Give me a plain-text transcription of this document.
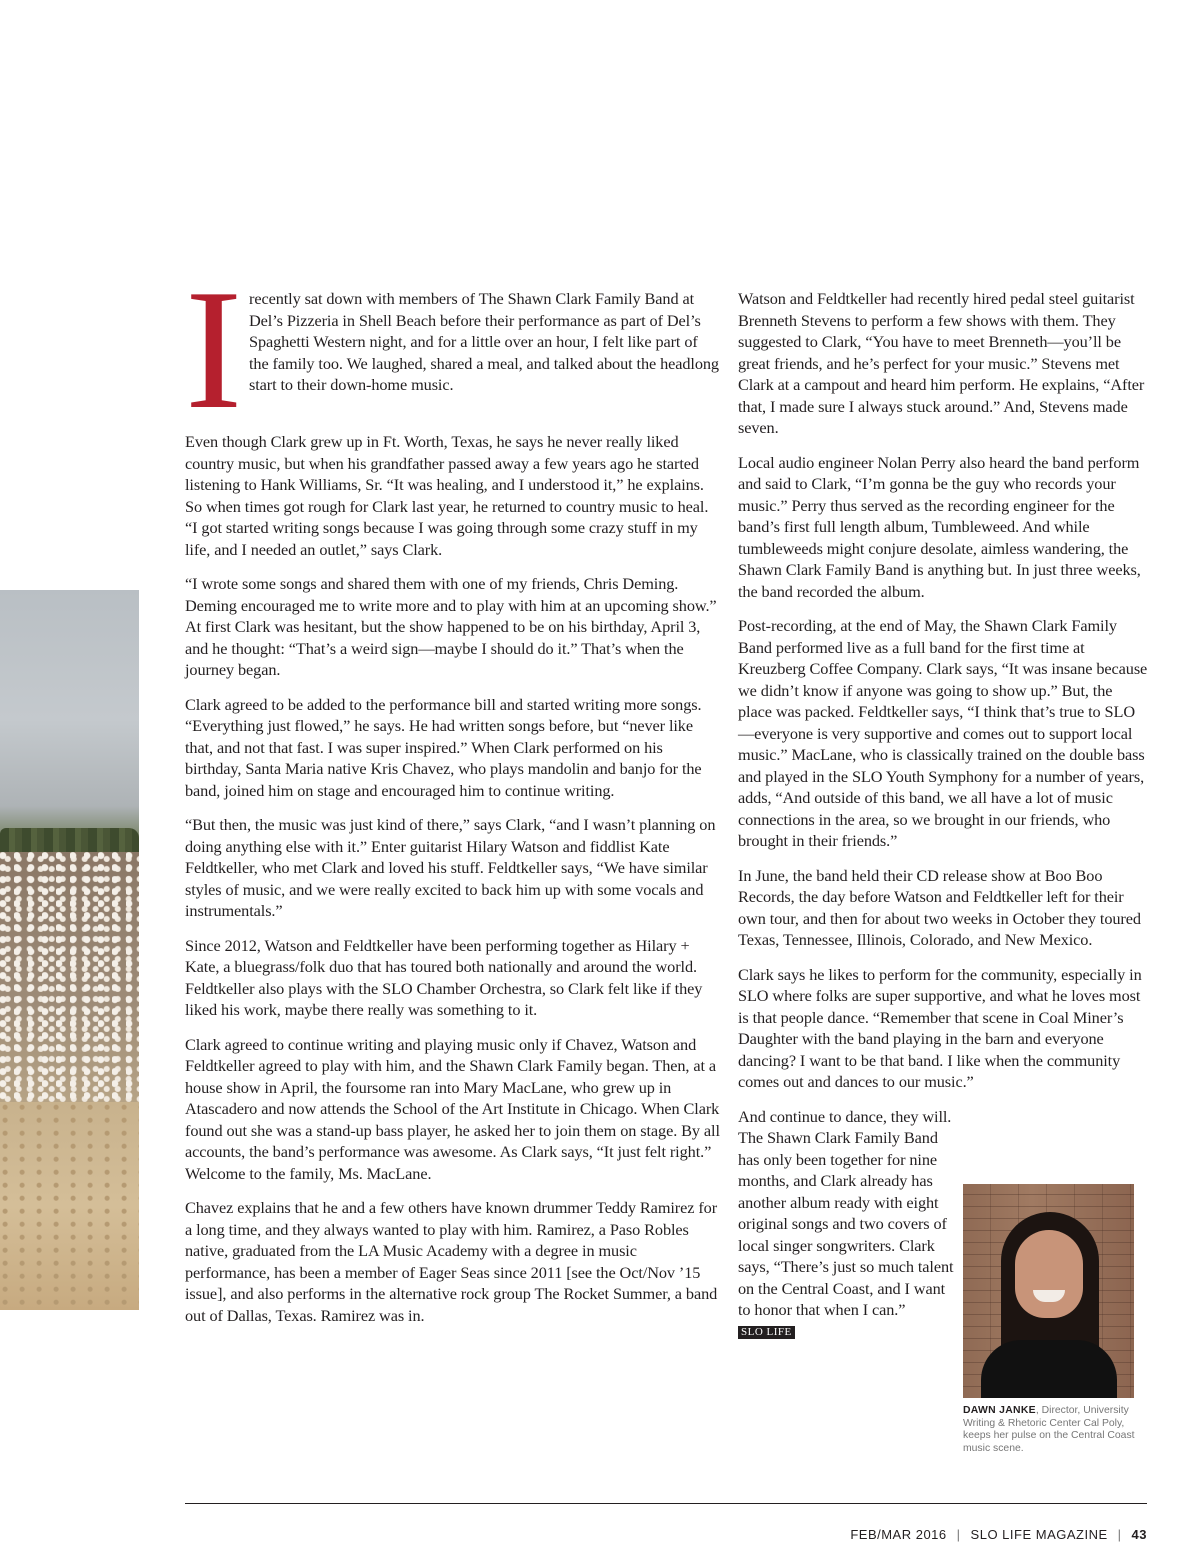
I recently sat down with members of The Shawn Clark Family Band at Del’s Pizzeria in Shell Beach before their performance as part of Del’s Spaghetti Western night, and for a little over an hour, I felt like part of the family too. We laughed, shared a meal, and talked about the headlong start to their down-home music.

Even though Clark grew up in Ft. Worth, Texas, he says he never really liked country music, but when his grandfather passed away a few years ago he started listening to Hank Williams, Sr. “It was healing, and I understood it,” he explains. So when times got rough for Clark last year, he returned to country music to heal. “I got started writing songs because I was going through some crazy stuff in my life, and I needed an outlet,” says Clark.

“I wrote some songs and shared them with one of my friends, Chris Deming. Deming encouraged me to write more and to play with him at an upcoming show.” At first Clark was hesitant, but the show happened to be on his birthday, April 3, and he thought: “That’s a weird sign—maybe I should do it.” That’s when the journey began.

Clark agreed to be added to the performance bill and started writing more songs. “Everything just flowed,” he says. He had written songs before, but “never like that, and not that fast. I was super inspired.” When Clark performed on his birthday, Santa Maria native Kris Chavez, who plays mandolin and banjo for the band, joined him on stage and encouraged him to continue writing.

“But then, the music was just kind of there,” says Clark, “and I wasn’t planning on doing anything else with it.” Enter guitarist Hilary Watson and fiddlist Kate Feldtkeller, who met Clark and loved his stuff. Feldtkeller says, “We have similar styles of music, and we were really excited to back him up with some vocals and instrumentals.”

Since 2012, Watson and Feldtkeller have been performing together as Hilary + Kate, a bluegrass/folk duo that has toured both nationally and around the world. Feldtkeller also plays with the SLO Chamber Orchestra, so Clark felt like if they liked his work, maybe there really was something to it.

Clark agreed to continue writing and playing music only if Chavez, Watson and Feldtkeller agreed to play with him, and the Shawn Clark Family began. Then, at a house show in April, the foursome ran into Mary MacLane, who grew up in Atascadero and now attends the School of the Art Institute in Chicago. When Clark found out she was a stand-up bass player, he asked her to join them on stage. By all accounts, the band’s performance was awesome. As Clark says, “It just felt right.” Welcome to the family, Ms. MacLane.

Chavez explains that he and a few others have known drummer Teddy Ramirez for a long time, and they always wanted to play with him. Ramirez, a Paso Robles native, graduated from the LA Music Academy with a degree in music performance, has been a member of Eager Seas since 2011 [see the Oct/Nov ’15 issue], and also performs in the alternative rock group The Rocket Summer, a band out of Dallas, Texas. Ramirez was in.

Watson and Feldtkeller had recently hired pedal steel guitarist Brenneth Stevens to perform a few shows with them. They suggested to Clark, “You have to meet Brenneth—you’ll be great friends, and he’s perfect for your music.” Stevens met Clark at a campout and heard him perform. He explains, “After that, I made sure I always stuck around.” And, Stevens made seven.

Local audio engineer Nolan Perry also heard the band perform and said to Clark, “I’m gonna be the guy who records your music.” Perry thus served as the recording engineer for the band’s first full length album, Tumbleweed. And while tumbleweeds might conjure desolate, aimless wandering, the Shawn Clark Family Band is anything but. In just three weeks, the band recorded the album.

Post-recording, at the end of May, the Shawn Clark Family Band performed live as a full band for the first time at Kreuzberg Coffee Company. Clark says, “It was insane because we didn’t know if anyone was going to show up.” But, the place was packed. Feldtkeller says, “I think that’s true to SLO—everyone is very supportive and comes out to support local music.” MacLane, who is classically trained on the double bass and played in the SLO Youth Symphony for a number of years, adds, “And outside of this band, we all have a lot of music connections in the area, so we brought in our friends, who brought in their friends.”

In June, the band held their CD release show at Boo Boo Records, the day before Watson and Feldtkeller left for their own tour, and then for about two weeks in October they toured Texas, Tennessee, Illinois, Colorado, and New Mexico.

Clark says he likes to perform for the community, especially in SLO where folks are super supportive, and what he loves most is that people dance. “Remember that scene in Coal Miner’s Daughter with the band playing in the barn and everyone dancing? I want to be that band. I like when the community comes out and dances to our music.”

And continue to dance, they will. The Shawn Clark Family Band has only been together for nine months, and Clark already has another album ready with eight original songs and two covers of local singer songwriters. Clark says, “There’s just so much talent on the Central Coast, and I want to honor that when I can.” SLO LIFE

DAWN JANKE, Director, University Writing & Rhetoric Center Cal Poly, keeps her pulse on the Central Coast music scene.
FEB/MAR 2016 | SLO LIFE MAGAZINE | 43
